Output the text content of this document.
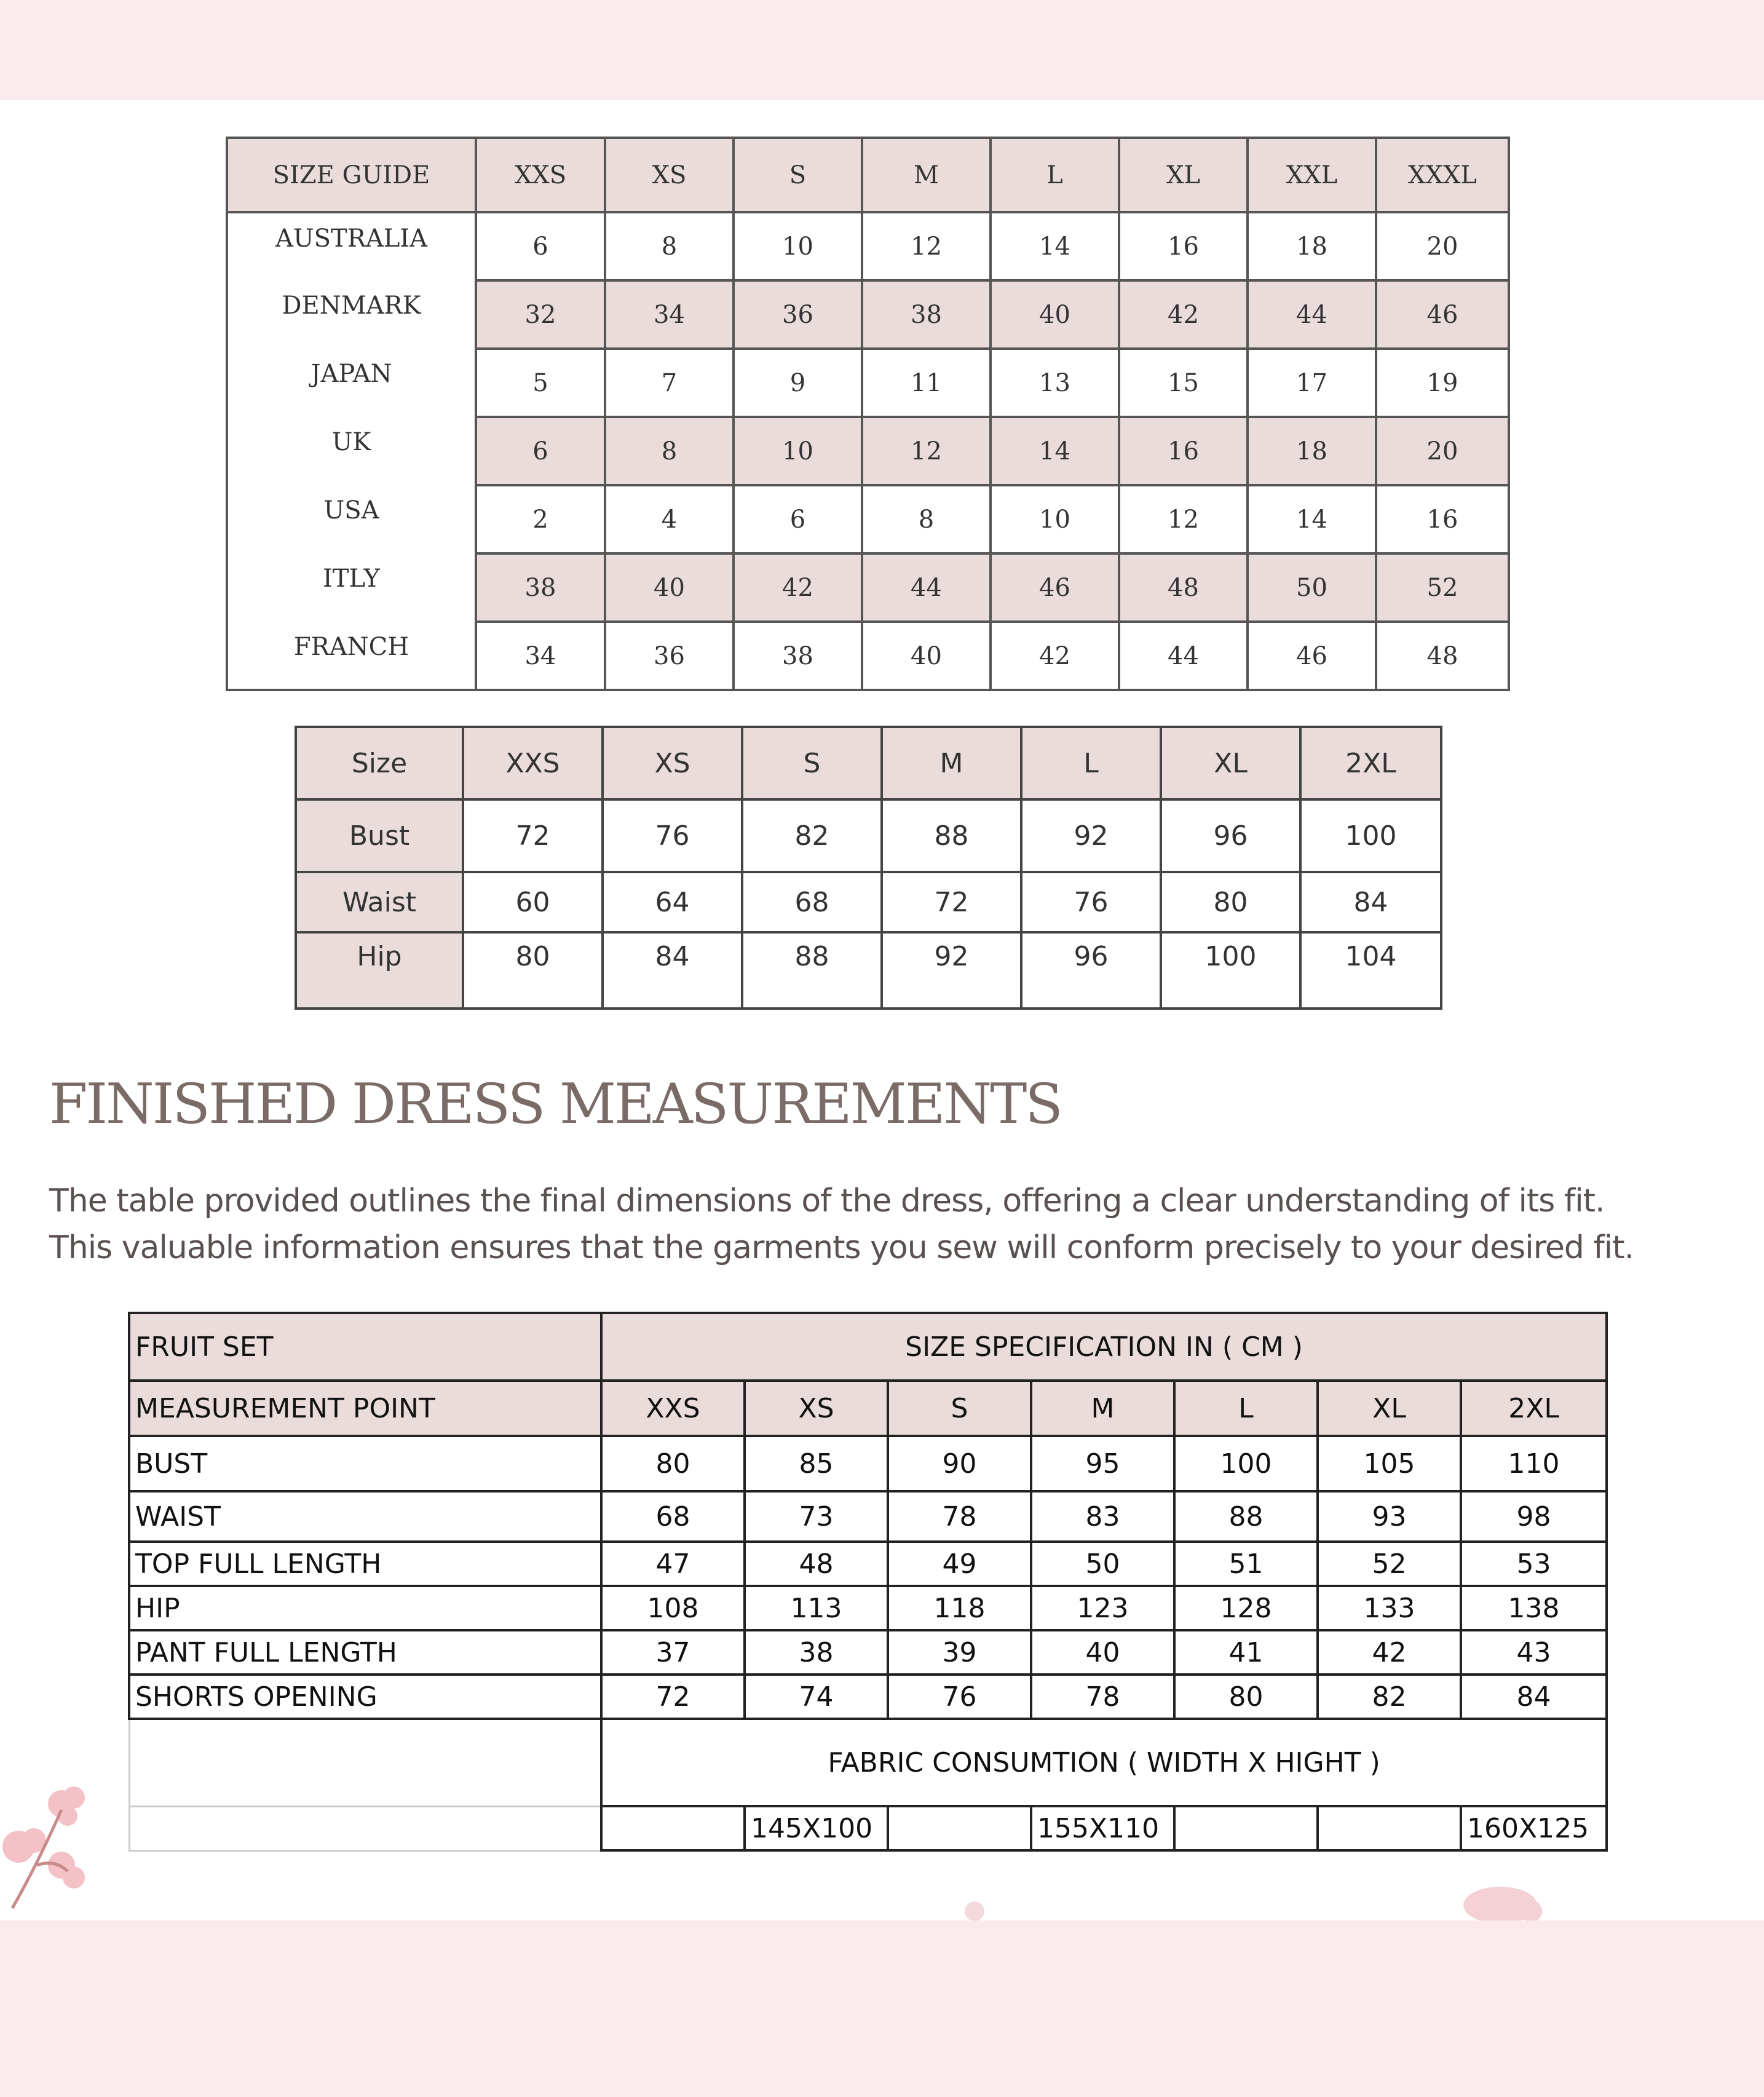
SIZE GUIDE	XXS	XS	S	M	L	XL	XXL	XXXL
AUSTRALIA	6	8	10	12	14	16	18	20
DENMARK	32	34	36	38	40	42	44	46
JAPAN	5	7	9	11	13	15	17	19
UK	6	8	10	12	14	16	18	20
USA	2	4	6	8	10	12	14	16
ITLY	38	40	42	44	46	48	50	52
FRANCH	34	36	38	40	42	44	46	48
Size	XXS	XS	S	M	L	XL	2XL
Bust	72	76	82	88	92	96	100
Waist	60	64	68	72	76	80	84
Hip	80	84	88	92	96	100	104
FINISHED DRESS MEASUREMENTS
The table provided outlines the final dimensions of the dress, offering a clear understanding of its fit.
This valuable information ensures that the garments you sew will conform precisely to your desired fit.
FRUIT SET	SIZE SPECIFICATION IN ( CM )						
MEASUREMENT POINT	XXS	XS	S	M	L	XL	2XL
BUST	80	85	90	95	100	105	110
WAIST	68	73	78	83	88	93	98
TOP FULL LENGTH	47	48	49	50	51	52	53
HIP	108	113	118	123	128	133	138
PANT FULL LENGTH	37	38	39	40	41	42	43
SHORTS OPENING	72	74	76	78	80	82	84
	FABRIC CONSUMTION ( WIDTH X HIGHT )						
		145X100		155X110			160X125
